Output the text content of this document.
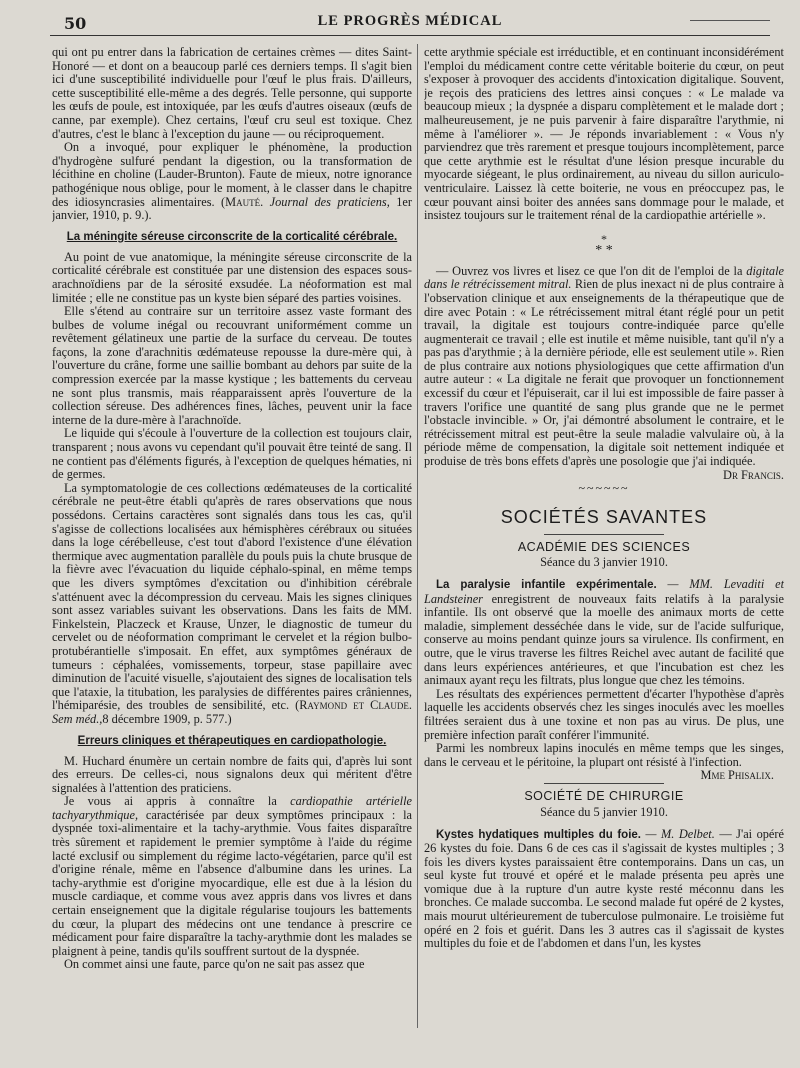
50	LE PROGRÈS MÉDICAL

qui ont pu entrer dans la fabrication de certaines crèmes — dites Saint-Honoré — et dont on a beaucoup parlé ces derniers temps. Il s'agit bien ici d'une susceptibilité individuelle pour l'œuf le plus frais. D'ailleurs, cette susceptibilité elle-même a des degrés. Telle personne, qui supporte les œufs de poule, est intoxiquée, par les œufs d'autres oiseaux (œufs de canne, par exemple). Chez certains, l'œuf cru seul est toxique. Chez d'autres, c'est le blanc à l'exception du jaune — ou réciproquement.

On a invoqué, pour expliquer le phénomène, la production d'hydrogène sulfuré pendant la digestion, ou la transformation de lécithine en choline (Lauder-Brunton). Faute de mieux, notre ignorance pathogénique nous oblige, pour le moment, à le classer dans le chapitre des idiosyncrasies alimentaires. (Mauté. Journal des praticiens, 1er janvier, 1910, p. 9.).

La méningite séreuse circonscrite de la corticalité cérébrale.

Au point de vue anatomique, la méningite séreuse circonscrite de la corticalité cérébrale est constituée par une distension des espaces sous-arachnoïdiens par de la sérosité exsudée. La néoformation est mal limitée ; elle ne constitue pas un kyste bien séparé des parties voisines.

Elle s'étend au contraire sur un territoire assez vaste formant des bulbes de volume inégal ou recouvrant uniformément comme un revêtement gélatineux une partie de la surface du cerveau. De toutes façons, la zone d'arachnitis œdémateuse repousse la dure-mère qui, à l'ouverture du crâne, forme une saillie bombant au dehors par suite de la compression exercée par la masse kystique ; les battements du cerveau ne sont plus transmis, mais réapparaissent après l'ouverture de la collection séreuse. Des adhérences fines, lâches, peuvent unir la face interne de la dure-mère à l'arachnoïde.

Le liquide qui s'écoule à l'ouverture de la collection est toujours clair, transparent ; nous avons vu cependant qu'il pouvait être teinté de sang. Il ne contient pas d'éléments figurés, à l'exception de quelques hématies, ni de germes.

La symptomatologie de ces collections œdémateuses de la corticalité cérébrale ne peut-être établi qu'après de rares observations que nous possédons. Certains caractères sont signalés dans tous les cas, qu'il s'agisse de collections localisées aux hémisphères cérébraux ou situées dans la loge cérébelleuse, c'est tout d'abord l'existence d'une élévation thermique avec augmentation parallèle du pouls puis la chute brusque de la fièvre avec l'évacuation du liquide céphalo-spinal, en même temps que les divers symptômes d'excitation ou d'inhibition cérébrale s'atténuent avec la décompression du cerveau. Mais les signes cliniques sont assez variables suivant les observations. Dans les faits de MM. Finkelstein, Placzeck et Krause, Unzer, le diagnostic de tumeur du cervelet ou de néoformation comprimant le cervelet et la région bulbo-protubérantielle s'imposait. En effet, aux symptômes généraux de tumeurs : céphalées, vomissements, torpeur, stase papillaire avec diminution de l'acuité visuelle, s'ajoutaient des signes de localisation tels que l'ataxie, la titubation, les paralysies de différentes paires crâniennes, l'hémiparésie, des troubles de sensibilité, etc. (Raymond et Claude. Sem méd.,8 décembre 1909, p. 577.)

Erreurs cliniques et thérapeutiques en cardiopathologie.

M. Huchard énumère un certain nombre de faits qui, d'après lui sont des erreurs. De celles-ci, nous signalons deux qui méritent d'être signalées à l'attention des praticiens.

Je vous ai appris à connaître la cardiopathie artérielle tachyarythmique, caractérisée par deux symptômes principaux : la dyspnée toxi-alimentaire et la tachy-arythmie. Vous faites disparaître très sûrement et rapidement le premier symptôme à l'aide du régime lacté exclusif ou simplement du régime lacto-végétarien, parce qu'il est d'origine rénale, même en l'absence d'albumine dans les urines. La tachy-arythmie est d'origine myocardique, elle est due à la lésion du muscle cardiaque, et comme vous avez appris dans vos livres et dans certain enseignement que la digitale régularise toujours les battements du cœur, la plupart des médecins ont une tendance à prescrire ce médicament pour faire disparaître la tachy-arythmie dont les malades se plaignent à peine, tandis qu'ils souffrent surtout de la dyspnée.

On commet ainsi une faute, parce qu'on ne sait pas assez que

cette arythmie spéciale est irréductible, et en continuant inconsidérément l'emploi du médicament contre cette véritable boiterie du cœur, on peut s'exposer à provoquer des accidents d'intoxication digitalique. Souvent, je reçois des praticiens des lettres ainsi conçues : « Le malade va beaucoup mieux ; la dyspnée a disparu complètement et le malade dort ; malheureusement, je ne puis parvenir à faire disparaître l'arythmie, ni même à l'améliorer ». — Je réponds invariablement : « Vous n'y parviendrez que très rarement et presque toujours incomplètement, parce que cette arythmie est le résultat d'une lésion presque incurable du myocarde siégeant, le plus ordinairement, au niveau du sillon auriculo-ventriculaire. Laissez là cette boiterie, ne vous en préoccupez pas, le cœur pouvant ainsi boiter des années sans dommage pour le malade, et insistez toujours sur le traitement rénal de la cardiopathie artérielle ».

*
* *

— Ouvrez vos livres et lisez ce que l'on dit de l'emploi de la digitale dans le rétrécissement mitral. Rien de plus inexact ni de plus contraire à l'observation clinique et aux enseignements de la thérapeutique que de dire avec Potain : « Le rétrécissement mitral étant réglé pour un petit travail, la digitale est toujours contre-indiquée parce qu'elle augmenterait ce travail ; elle est inutile et même nuisible, tant qu'il n'y a pas pas d'arythmie ; à la dernière période, elle est seulement utile ». Rien de plus contraire aux notions physiologiques que cette affirmation d'un autre auteur : « La digitale ne ferait que provoquer un fonctionnement excessif du cœur et l'épuiserait, car il lui est impossible de faire passer à travers l'orifice une quantité de sang plus grande que ne le permet l'obstacle invincible. » Or, j'ai démontré absolument le contraire, et le rétrécissement mitral est peut-être la seule maladie valvulaire où, à la période même de compensation, la digitale soit nettement indiquée et produise de très bons effets d'après une posologie que j'ai indiquée.
Dr Francis.

~~~~~~
SOCIÉTÉS SAVANTES
ACADÉMIE DES SCIENCES
Séance du 3 janvier 1910.

La paralysie infantile expérimentale. — MM. Levaditi et Landsteiner enregistrent de nouveaux faits relatifs à la paralysie infantile. Ils ont observé que la moelle des animaux morts de cette maladie, simplement desséchée dans le vide, sur de l'acide sulfurique, conserve au moins pendant quinze jours sa virulence. Ils confirment, en outre, que le virus traverse les filtres Reichel avec autant de facilité que dans leurs expériences antérieures, et que l'incubation est chez les animaux ayant reçu les filtrats, plus longue que chez les témoins.

Les résultats des expériences permettent d'écarter l'hypothèse d'après laquelle les accidents observés chez les singes inoculés avec les moelles filtrées seraient dus à une toxine et non pas au virus. De plus, une première infection paraît conférer l'immunité.

Parmi les nombreux lapins inoculés en même temps que les singes, dans le cerveau et le péritoine, la plupart ont résisté à l'infection.
Mme Phisalix.

SOCIÉTÉ DE CHIRURGIE
Séance du 5 janvier 1910.

Kystes hydatiques multiples du foie. — M. Delbet. — J'ai opéré 26 kystes du foie. Dans 6 de ces cas il s'agissait de kystes multiples ; 3 fois les divers kystes paraissaient être contemporains. Dans un cas, un seul kyste fut trouvé et opéré et le malade présenta peu après une vomique due à la rupture d'un autre kyste resté méconnu dans les bronches. Ce malade succomba. Le second malade fut opéré de 2 kystes, mais mourut ultérieurement de tuberculose pulmonaire. Le troisième fut opéré en 2 fois et guérit. Dans les 3 autres cas il s'agissait de kystes multiples du foie et de l'abdomen et dans l'un, les kystes
